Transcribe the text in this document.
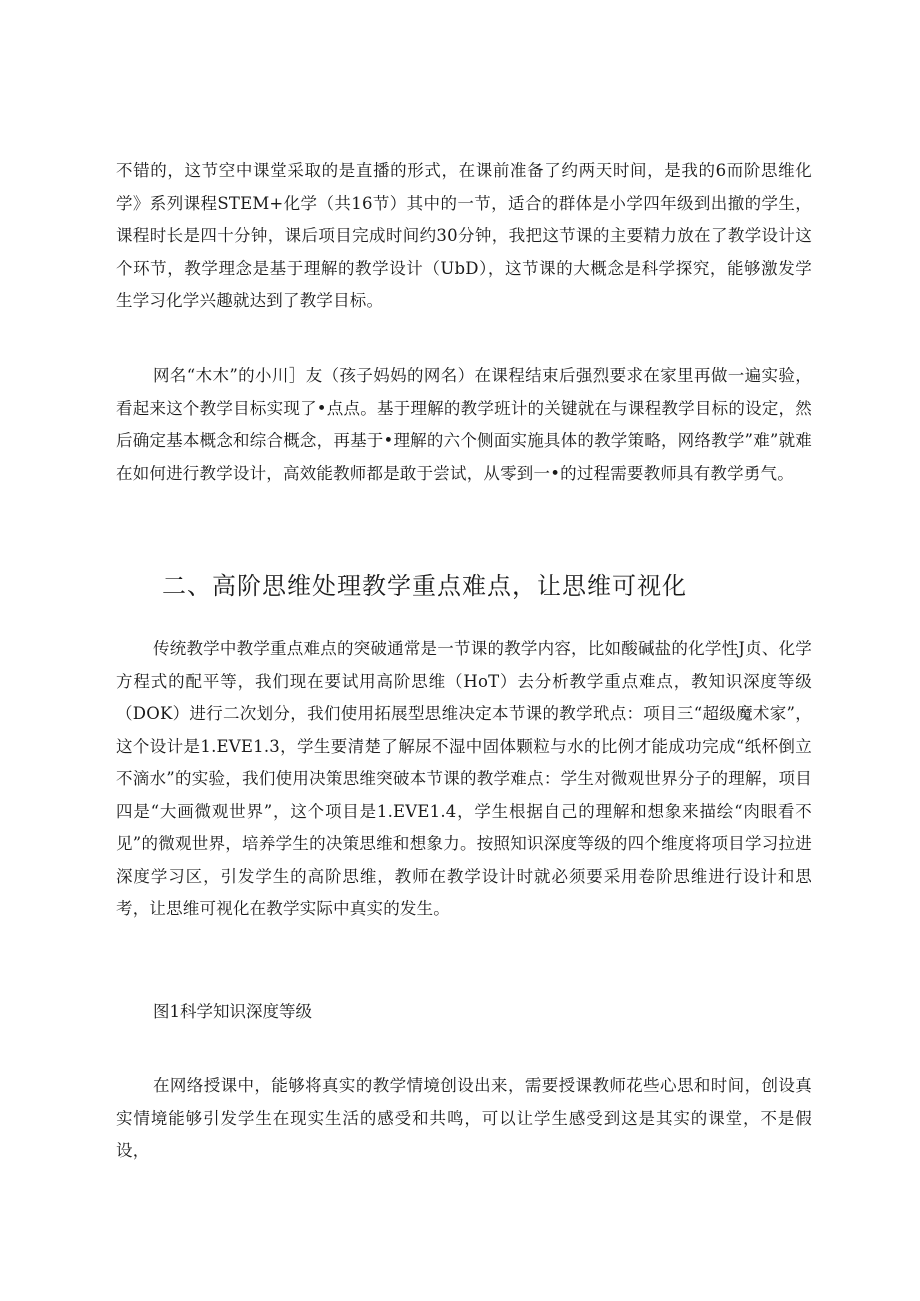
不错的，这节空中课堂采取的是直播的形式，在课前准备了约两天时间，是我的6而阶思维化学》系列课程STEM+化学（共16节）其中的一节，适合的群体是小学四年级到出撤的学生，课程时长是四十分钟，课后项目完成时间约30分钟，我把这节课的主要精力放在了教学设计这个环节，教学理念是基于理解的教学设计（UbD），这节课的大概念是科学探究，能够激发学生学习化学兴趣就达到了教学目标。

网名“木木”的小川］友（孩子妈妈的网名）在课程结束后强烈要求在家里再做一遍实验，看起来这个教学目标实现了•点点。基于理解的教学班计的关键就在与课程教学目标的设定，然后确定基本概念和综合概念，再基于•理解的六个侧面实施具体的教学策略，网络教学”难”就难在如何进行教学设计，高效能教师都是敢于尝试，从零到一•的过程需要教师具有教学勇气。

二、高阶思维处理教学重点难点，让思维可视化

传统教学中教学重点难点的突破通常是一节课的教学内容，比如酸碱盐的化学性J贞、化学方程式的配平等，我们现在要试用高阶思维（HoT）去分析教学重点难点，教知识深度等级（DOK）进行二次划分，我们使用拓展型思维决定本节课的教学玳点：项目三“超级魔术家”，这个设计是1.EVE1.3，学生要清楚了解尿不湿中固体颗粒与水的比例才能成功完成“纸杯倒立不滴水”的实验，我们使用决策思维突破本节课的教学难点：学生对微观世界分子的理解，项目四是“大画微观世界”，这个项目是1.EVE1.4，学生根据自己的理解和想象来描绘“肉眼看不见”的微观世界，培养学生的决策思维和想象力。按照知识深度等级的四个维度将项目学习拉进深度学习区，引发学生的高阶思维，教师在教学设计时就必须要采用卷阶思维进行设计和思考，让思维可视化在教学实际中真实的发生。

图1科学知识深度等级

在网络授课中，能够将真实的教学情境创设出来，需要授课教师花些心思和时间，创设真实情境能够引发学生在现实生活的感受和共鸣，可以让学生感受到这是其实的课堂，不是假设，
